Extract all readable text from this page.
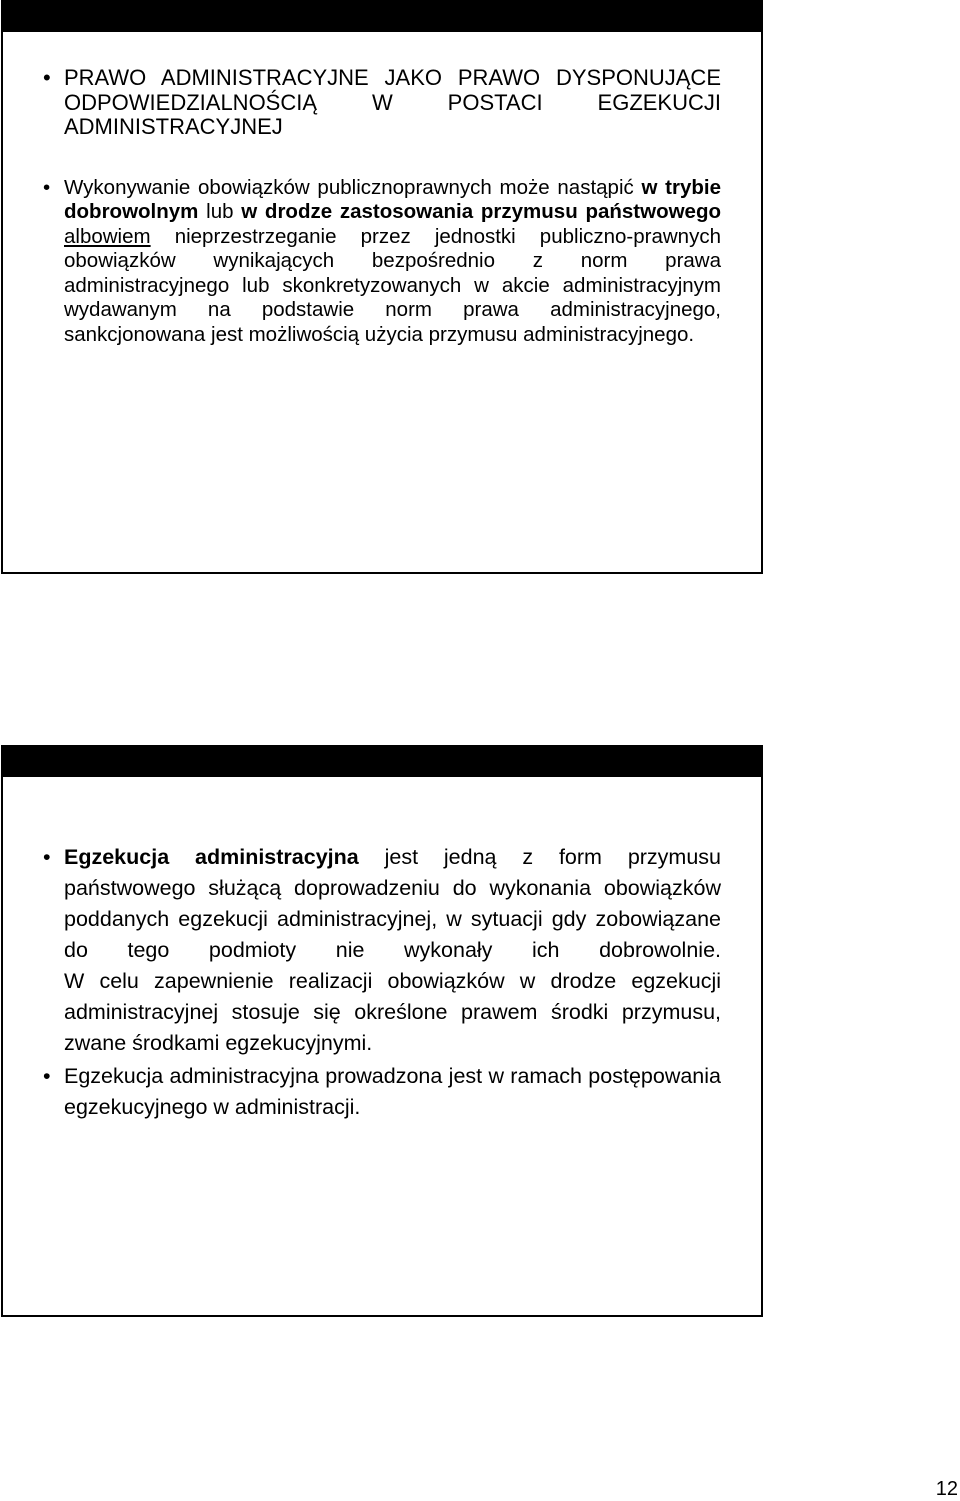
• PRAWO ADMINISTRACYJNE JAKO PRAWO DYSPONUJĄCE ODPOWIEDZIALNOŚCIĄ W POSTACI EGZEKUCJI ADMINISTRACYJNEJ
• Wykonywanie obowiązków publicznoprawnych może nastąpić w trybie dobrowolnym lub w drodze zastosowania przymusu państwowego albowiem nieprzestrzeganie przez jednostki publiczno-prawnych obowiązków wynikających bezpośrednio z norm prawa administracyjnego lub skonkretyzowanych w akcie administracyjnym wydawanym na podstawie norm prawa administracyjnego, sankcjonowana jest możliwością użycia przymusu administracyjnego.
• Egzekucja administracyjna jest jedną z form przymusu państwowego służącą doprowadzeniu do wykonania obowiązków poddanych egzekucji administracyjnej, w sytuacji gdy zobowiązane do tego podmioty nie wykonały ich dobrowolnie.
W celu zapewnienie realizacji obowiązków w drodze egzekucji administracyjnej stosuje się określone prawem środki przymusu, zwane środkami egzekucyjnymi.
• Egzekucja administracyjna prowadzona jest w ramach postępowania egzekucyjnego w administracji.
12
